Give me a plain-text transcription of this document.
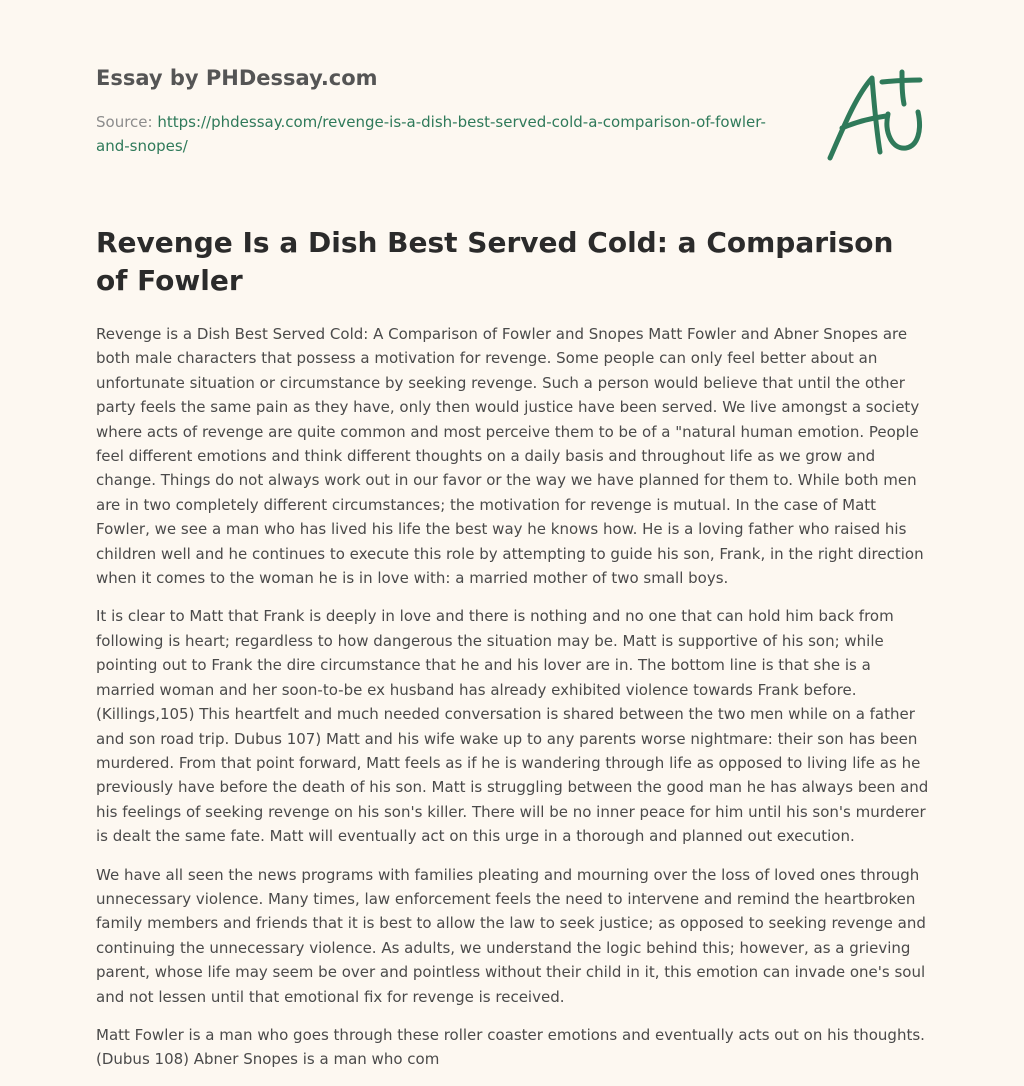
Essay by PHDessay.com
Source: https://phdessay.com/revenge-is-a-dish-best-served-cold-a-comparison-of-fowler-and-snopes/
Revenge Is a Dish Best Served Cold: a Comparison of Fowler

Revenge is a Dish Best Served Cold: A Comparison of Fowler and Snopes Matt Fowler and Abner Snopes are both male characters that possess a motivation for revenge. Some people can only feel better about an unfortunate situation or circumstance by seeking revenge. Such a person would believe that until the other party feels the same pain as they have, only then would justice have been served. We live amongst a society where acts of revenge are quite common and most perceive them to be of a "natural human emotion. People feel different emotions and think different thoughts on a daily basis and throughout life as we grow and change. Things do not always work out in our favor or the way we have planned for them to. While both men are in two completely different circumstances; the motivation for revenge is mutual. In the case of Matt Fowler, we see a man who has lived his life the best way he knows how. He is a loving father who raised his children well and he continues to execute this role by attempting to guide his son, Frank, in the right direction when it comes to the woman he is in love with: a married mother of two small boys.

It is clear to Matt that Frank is deeply in love and there is nothing and no one that can hold him back from following is heart; regardless to how dangerous the situation may be. Matt is supportive of his son; while pointing out to Frank the dire circumstance that he and his lover are in. The bottom line is that she is a married woman and her soon-to-be ex husband has already exhibited violence towards Frank before. (Killings,105) This heartfelt and much needed conversation is shared between the two men while on a father and son road trip. Dubus 107) Matt and his wife wake up to any parents worse nightmare: their son has been murdered. From that point forward, Matt feels as if he is wandering through life as opposed to living life as he previously have before the death of his son. Matt is struggling between the good man he has always been and his feelings of seeking revenge on his son's killer. There will be no inner peace for him until his son's murderer is dealt the same fate. Matt will eventually act on this urge in a thorough and planned out execution.

We have all seen the news programs with families pleating and mourning over the loss of loved ones through unnecessary violence. Many times, law enforcement feels the need to intervene and remind the heartbroken family members and friends that it is best to allow the law to seek justice; as opposed to seeking revenge and continuing the unnecessary violence. As adults, we understand the logic behind this; however, as a grieving parent, whose life may seem be over and pointless without their child in it, this emotion can invade one's soul and not lessen until that emotional fix for revenge is received.

Matt Fowler is a man who goes through these roller coaster emotions and eventually acts out on his thoughts. (Dubus 108) Abner Snopes is a man who com
